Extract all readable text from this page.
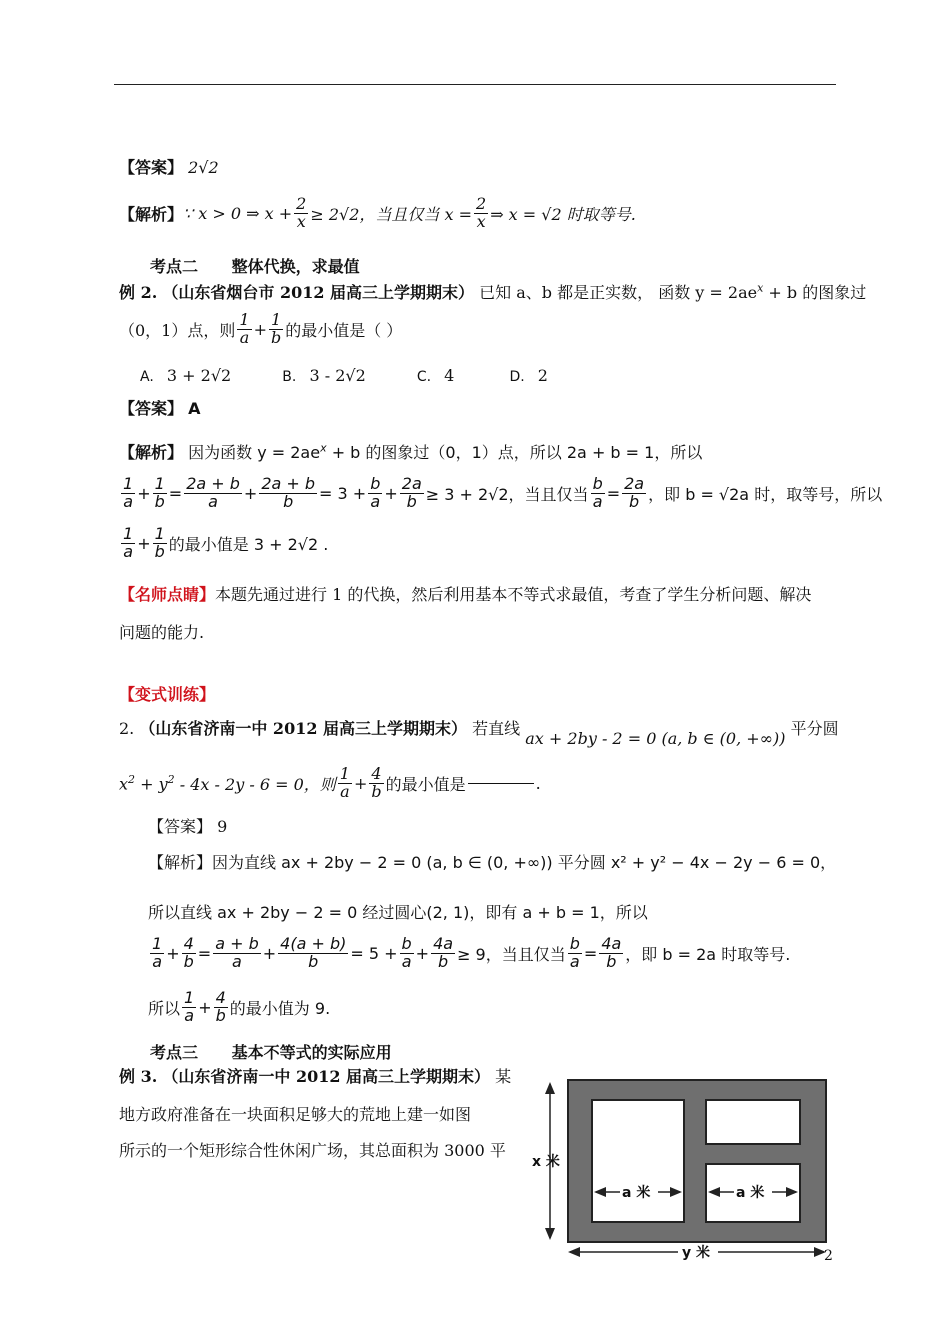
【答案】 2√2
【解析】 ∵ x > 0 ⇒ $x + \frac{2}{x} \ge 2√2$，当且仅当 $x = \frac{2}{x}$ ⇒ x = √2 时取等号.
考点二 整体代换，求最值
例 2. （山东省烟台市 2012 届高三上学期期末） 已知 a、b 都是正实数， 函数 $y = 2ae^x + b$ 的图象过
（0，1）点，则 $\frac{1}{a} + \frac{1}{b}$ 的最小值是（ ）
A. 3 + 2√2	B. 3 - 2√2	C. 4	D. 2
【答案】 A
【解析】 因为函数 $y = 2ae^x + b$ 的图象过（0，1）点，所以 2a + b = 1，所以
$\frac{1}{a} + \frac{1}{b} = \frac{2a + b}{a} + \frac{2a + b}{b} = 3 + \frac{b}{a} + \frac{2a}{b} \ge 3 + 2√2$，当且仅当 $\frac{b}{a} = \frac{2a}{b}$ ，即 b = √2a 时，取等号，所以
$\frac{1}{a} + \frac{1}{b}$ 的最小值是 3 + 2√2 .
【名师点睛】本题先通过进行 1 的代换，然后利用基本不等式求最值，考查了学生分析问题、解决
问题的能力.
【变式训练】
2. （山东省济南一中 2012 届高三上学期期末） 若直线 ax + 2by - 2 = 0 (a, b ∈ (0, +∞)) 平分圆
$x^2 + y^2$
- 4x - 2y - 6 = 0，则 $\frac{1}{a} + \frac{4}{b}$ 的最小值是	.
【答案】 9
【解析】因为直线 ax + 2by − 2 = 0 (a, b ∈ (0, +∞)) 平分圆 x² + y² − 4x − 2y − 6 = 0，
所以直线 ax + 2by − 2 = 0 经过圆心(2, 1)，即有 a + b = 1，所以
$\frac{1}{a} + \frac{4}{b} = \frac{a + b}{a} + \frac{4(a + b)}{b} = 5 + \frac{b}{a} + \frac{4a}{b} \ge 9$，当且仅当 $\frac{b}{a} = \frac{4a}{b}$ ，即 b = 2a 时取等号.
所以 $\frac{1}{a} + \frac{4}{b}$ 的最小值为 9.
考点三 基本不等式的实际应用
例 3. （山东省济南一中 2012 届高三上学期期末） 某
地方政府准备在一块面积足够大的荒地上建一如图
所示的一个矩形综合性休闲广场，其总面积为 3000 平
x 米
a 米	a 米
y 米	2
